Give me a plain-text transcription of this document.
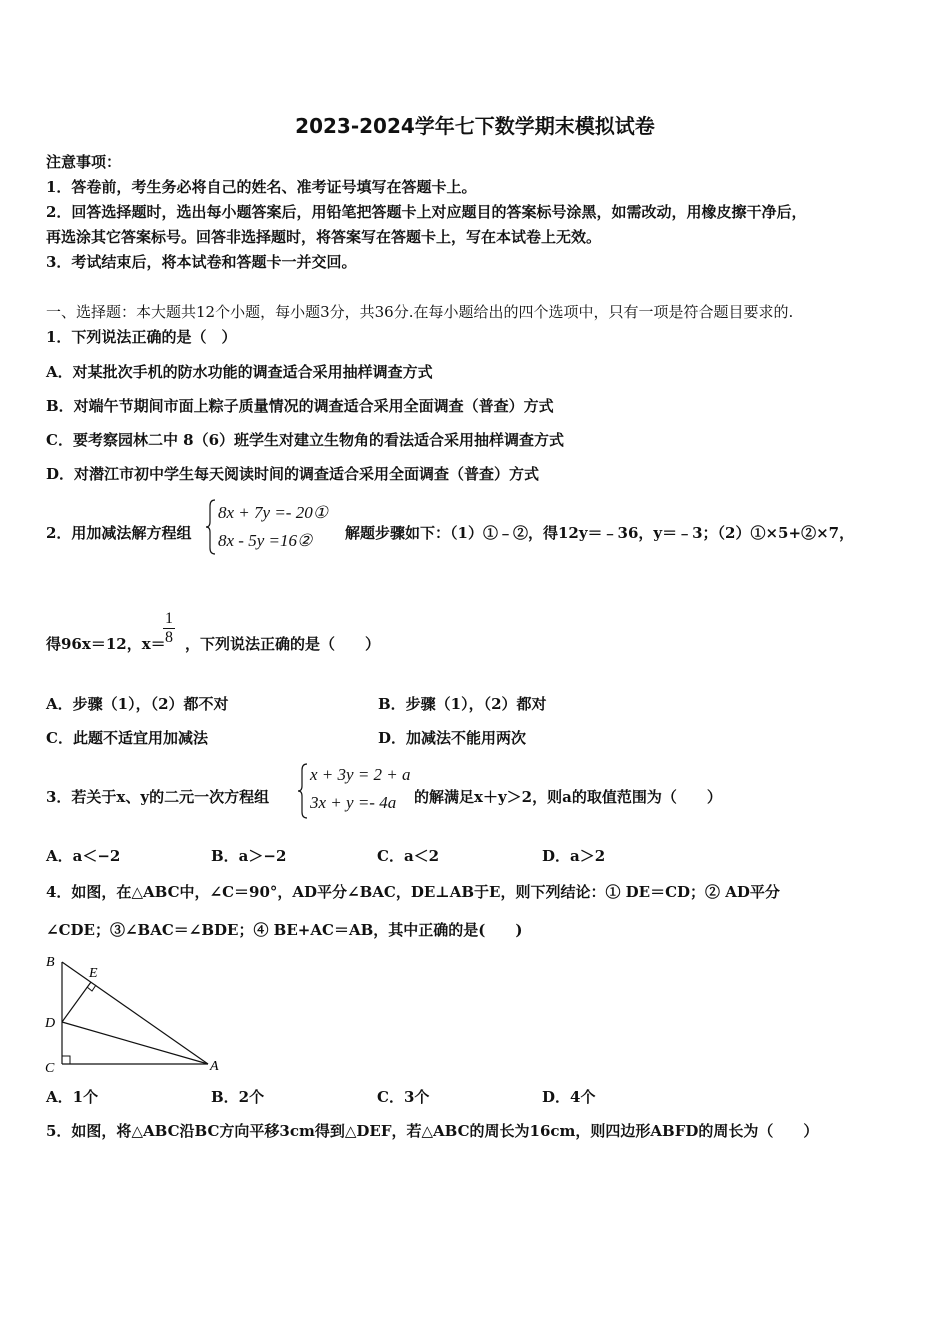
2023-2024学年七下数学期末模拟试卷
注意事项：
1．答卷前，考生务必将自己的姓名、准考证号填写在答题卡上。
2．回答选择题时，选出每小题答案后，用铅笔把答题卡上对应题目的答案标号涂黑，如需改动，用橡皮擦干净后，
再选涂其它答案标号。回答非选择题时，将答案写在答题卡上，写在本试卷上无效。
3．考试结束后，将本试卷和答题卡一并交回。
一、选择题：本大题共12个小题，每小题3分，共36分.在每小题给出的四个选项中，只有一项是符合题目要求的.
1．下列说法正确的是（　）
A．对某批次手机的防水功能的调查适合采用抽样调查方式
B．对端午节期间市面上粽子质量情况的调查适合采用全面调查（普查）方式
C．要考察园林二中 8（6）班学生对建立生物角的看法适合采用抽样调查方式
D．对潜江市初中学生每天阅读时间的调查适合采用全面调查（普查）方式
2．用加减法解方程组
8x + 7y =- 20①
8x - 5y =16② 解题步骤如下：（1）①﹣②，得12y＝﹣36，y＝﹣3；（2）①×5+②×7，
得96x＝12，x＝
$\frac{1}{8}$ ，下列说法正确的是（　　）
A．步骤（1），（2）都不对	B．步骤（1），（2）都对
C．此题不适宜用加减法	D．加减法不能用两次
3．若关于x、y的二元一次方程组
x + 3y = 2 + a
3x + y =- 4a 的解满足x＋y＞2，则a的取值范围为（　　）
A．a＜−2	B．a＞−2	C．a＜2	D．a＞2
4．如图，在△ABC中，∠C＝90°，AD平分∠BAC，DE⊥AB于E，则下列结论：① DE＝CD；② AD平分
∠CDE；③∠BAC＝∠BDE；④ BE+AC＝AB，其中正确的是(　　)
B
E
D
C	A
A．1个	B．2个	C．3个	D．4个
5．如图，将△ABC沿BC方向平移3cm得到△DEF，若△ABC的周长为16cm，则四边形ABFD的周长为（　　）
